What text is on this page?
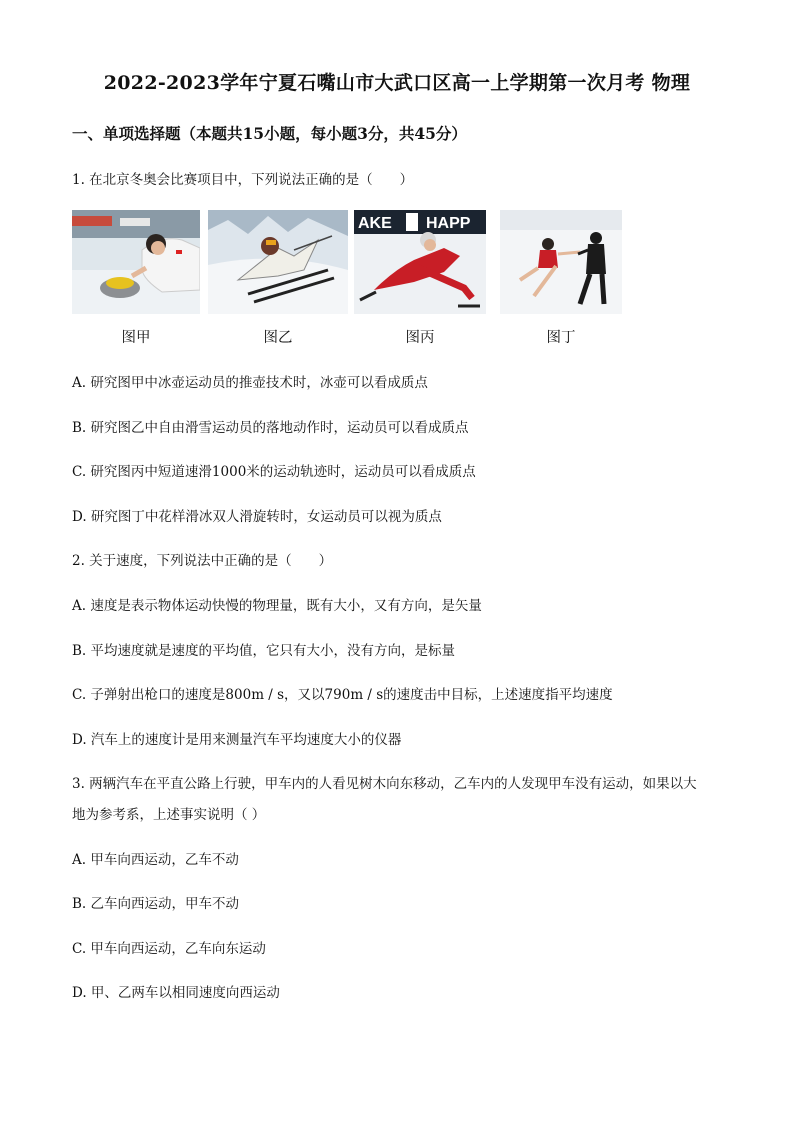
2022-2023学年宁夏石嘴山市大武口区高一上学期第一次月考 物理
一、单项选择题（本题共15小题，每小题3分，共45分）
1. 在北京冬奥会比赛项目中，下列说法正确的是（　　）
图甲	图乙
AKE HAPP
图丙	图丁
A. 研究图甲中冰壶运动员的推壶技术时，冰壶可以看成质点
B. 研究图乙中自由滑雪运动员的落地动作时，运动员可以看成质点
C. 研究图丙中短道速滑1000米的运动轨迹时，运动员可以看成质点
D. 研究图丁中花样滑冰双人滑旋转时，女运动员可以视为质点
2. 关于速度，下列说法中正确的是（　　）
A. 速度是表示物体运动快慢的物理量，既有大小，又有方向，是矢量
B. 平均速度就是速度的平均值，它只有大小，没有方向，是标量
C. 子弹射出枪口的速度是800m / s，又以790m / s的速度击中目标，上述速度指平均速度
D. 汽车上的速度计是用来测量汽车平均速度大小的仪器
3. 两辆汽车在平直公路上行驶，甲车内的人看见树木向东移动，乙车内的人发现甲车没有运动，如果以大
地为参考系，上述事实说明（ ）
A. 甲车向西运动，乙车不动
B. 乙车向西运动，甲车不动
C. 甲车向西运动，乙车向东运动
D. 甲、乙两车以相同速度向西运动
